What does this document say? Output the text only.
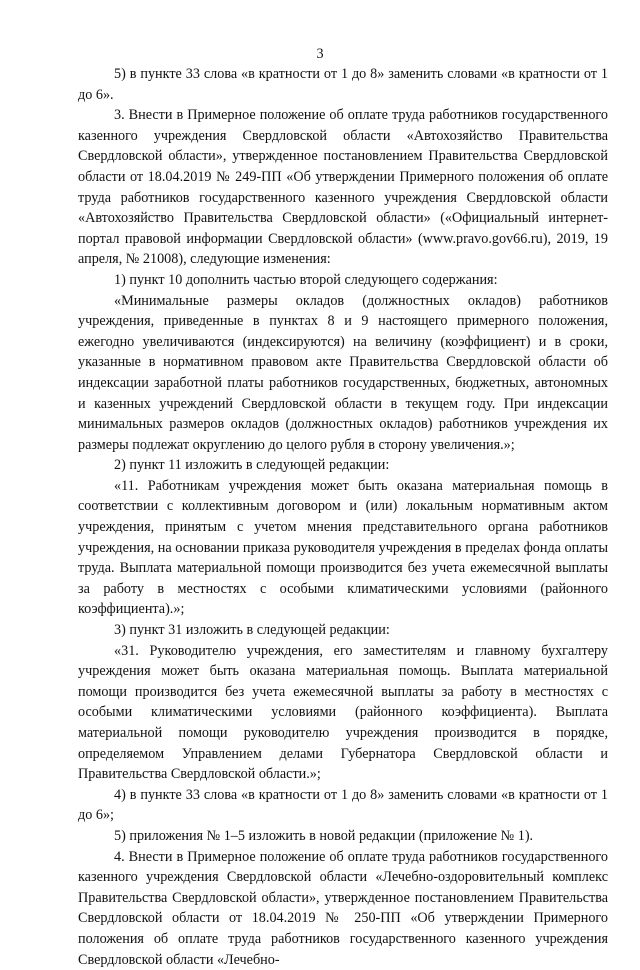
3

5) в пункте 33 слова «в кратности от 1 до 8» заменить словами «в кратности от 1 до 6».

3. Внести в Примерное положение об оплате труда работников государственного казенного учреждения Свердловской области «Автохозяйство Правительства Свердловской области», утвержденное постановлением Правительства Свердловской области от 18.04.2019 № 249-ПП «Об утверждении Примерного положения об оплате труда работников государственного казенного учреждения Свердловской области «Автохозяйство Правительства Свердловской области» («Официальный интернет-портал правовой информации Свердловской области» (www.pravo.gov66.ru), 2019, 19 апреля, № 21008), следующие изменения:

1) пункт 10 дополнить частью второй следующего содержания:

«Минимальные размеры окладов (должностных окладов) работников учреждения, приведенные в пунктах 8 и 9 настоящего примерного положения, ежегодно увеличиваются (индексируются) на величину (коэффициент) и в сроки, указанные в нормативном правовом акте Правительства Свердловской области об индексации заработной платы работников государственных, бюджетных, автономных и казенных учреждений Свердловской области в текущем году. При индексации минимальных размеров окладов (должностных окладов) работников учреждения их размеры подлежат округлению до целого рубля в сторону увеличения.»;

2) пункт 11 изложить в следующей редакции:

«11. Работникам учреждения может быть оказана материальная помощь в соответствии с коллективным договором и (или) локальным нормативным актом учреждения, принятым с учетом мнения представительного органа работников учреждения, на основании приказа руководителя учреждения в пределах фонда оплаты труда. Выплата материальной помощи производится без учета ежемесячной выплаты за работу в местностях с особыми климатическими условиями (районного коэффициента).»;

3) пункт 31 изложить в следующей редакции:

«31. Руководителю учреждения, его заместителям и главному бухгалтеру учреждения может быть оказана материальная помощь. Выплата материальной помощи производится без учета ежемесячной выплаты за работу в местностях с особыми климатическими условиями (районного коэффициента). Выплата материальной помощи руководителю учреждения производится в порядке, определяемом Управлением делами Губернатора Свердловской области и Правительства Свердловской области.»;

4) в пункте 33 слова «в кратности от 1 до 8» заменить словами «в кратности от 1 до 6»;

5) приложения № 1–5 изложить в новой редакции (приложение № 1).

4. Внести в Примерное положение об оплате труда работников государственного казенного учреждения Свердловской области «Лечебно-оздоровительный комплекс Правительства Свердловской области», утвержденное постановлением Правительства Свердловской области от 18.04.2019 № 250-ПП «Об утверждении Примерного положения об оплате труда работников государственного казенного учреждения Свердловской области «Лечебно-
